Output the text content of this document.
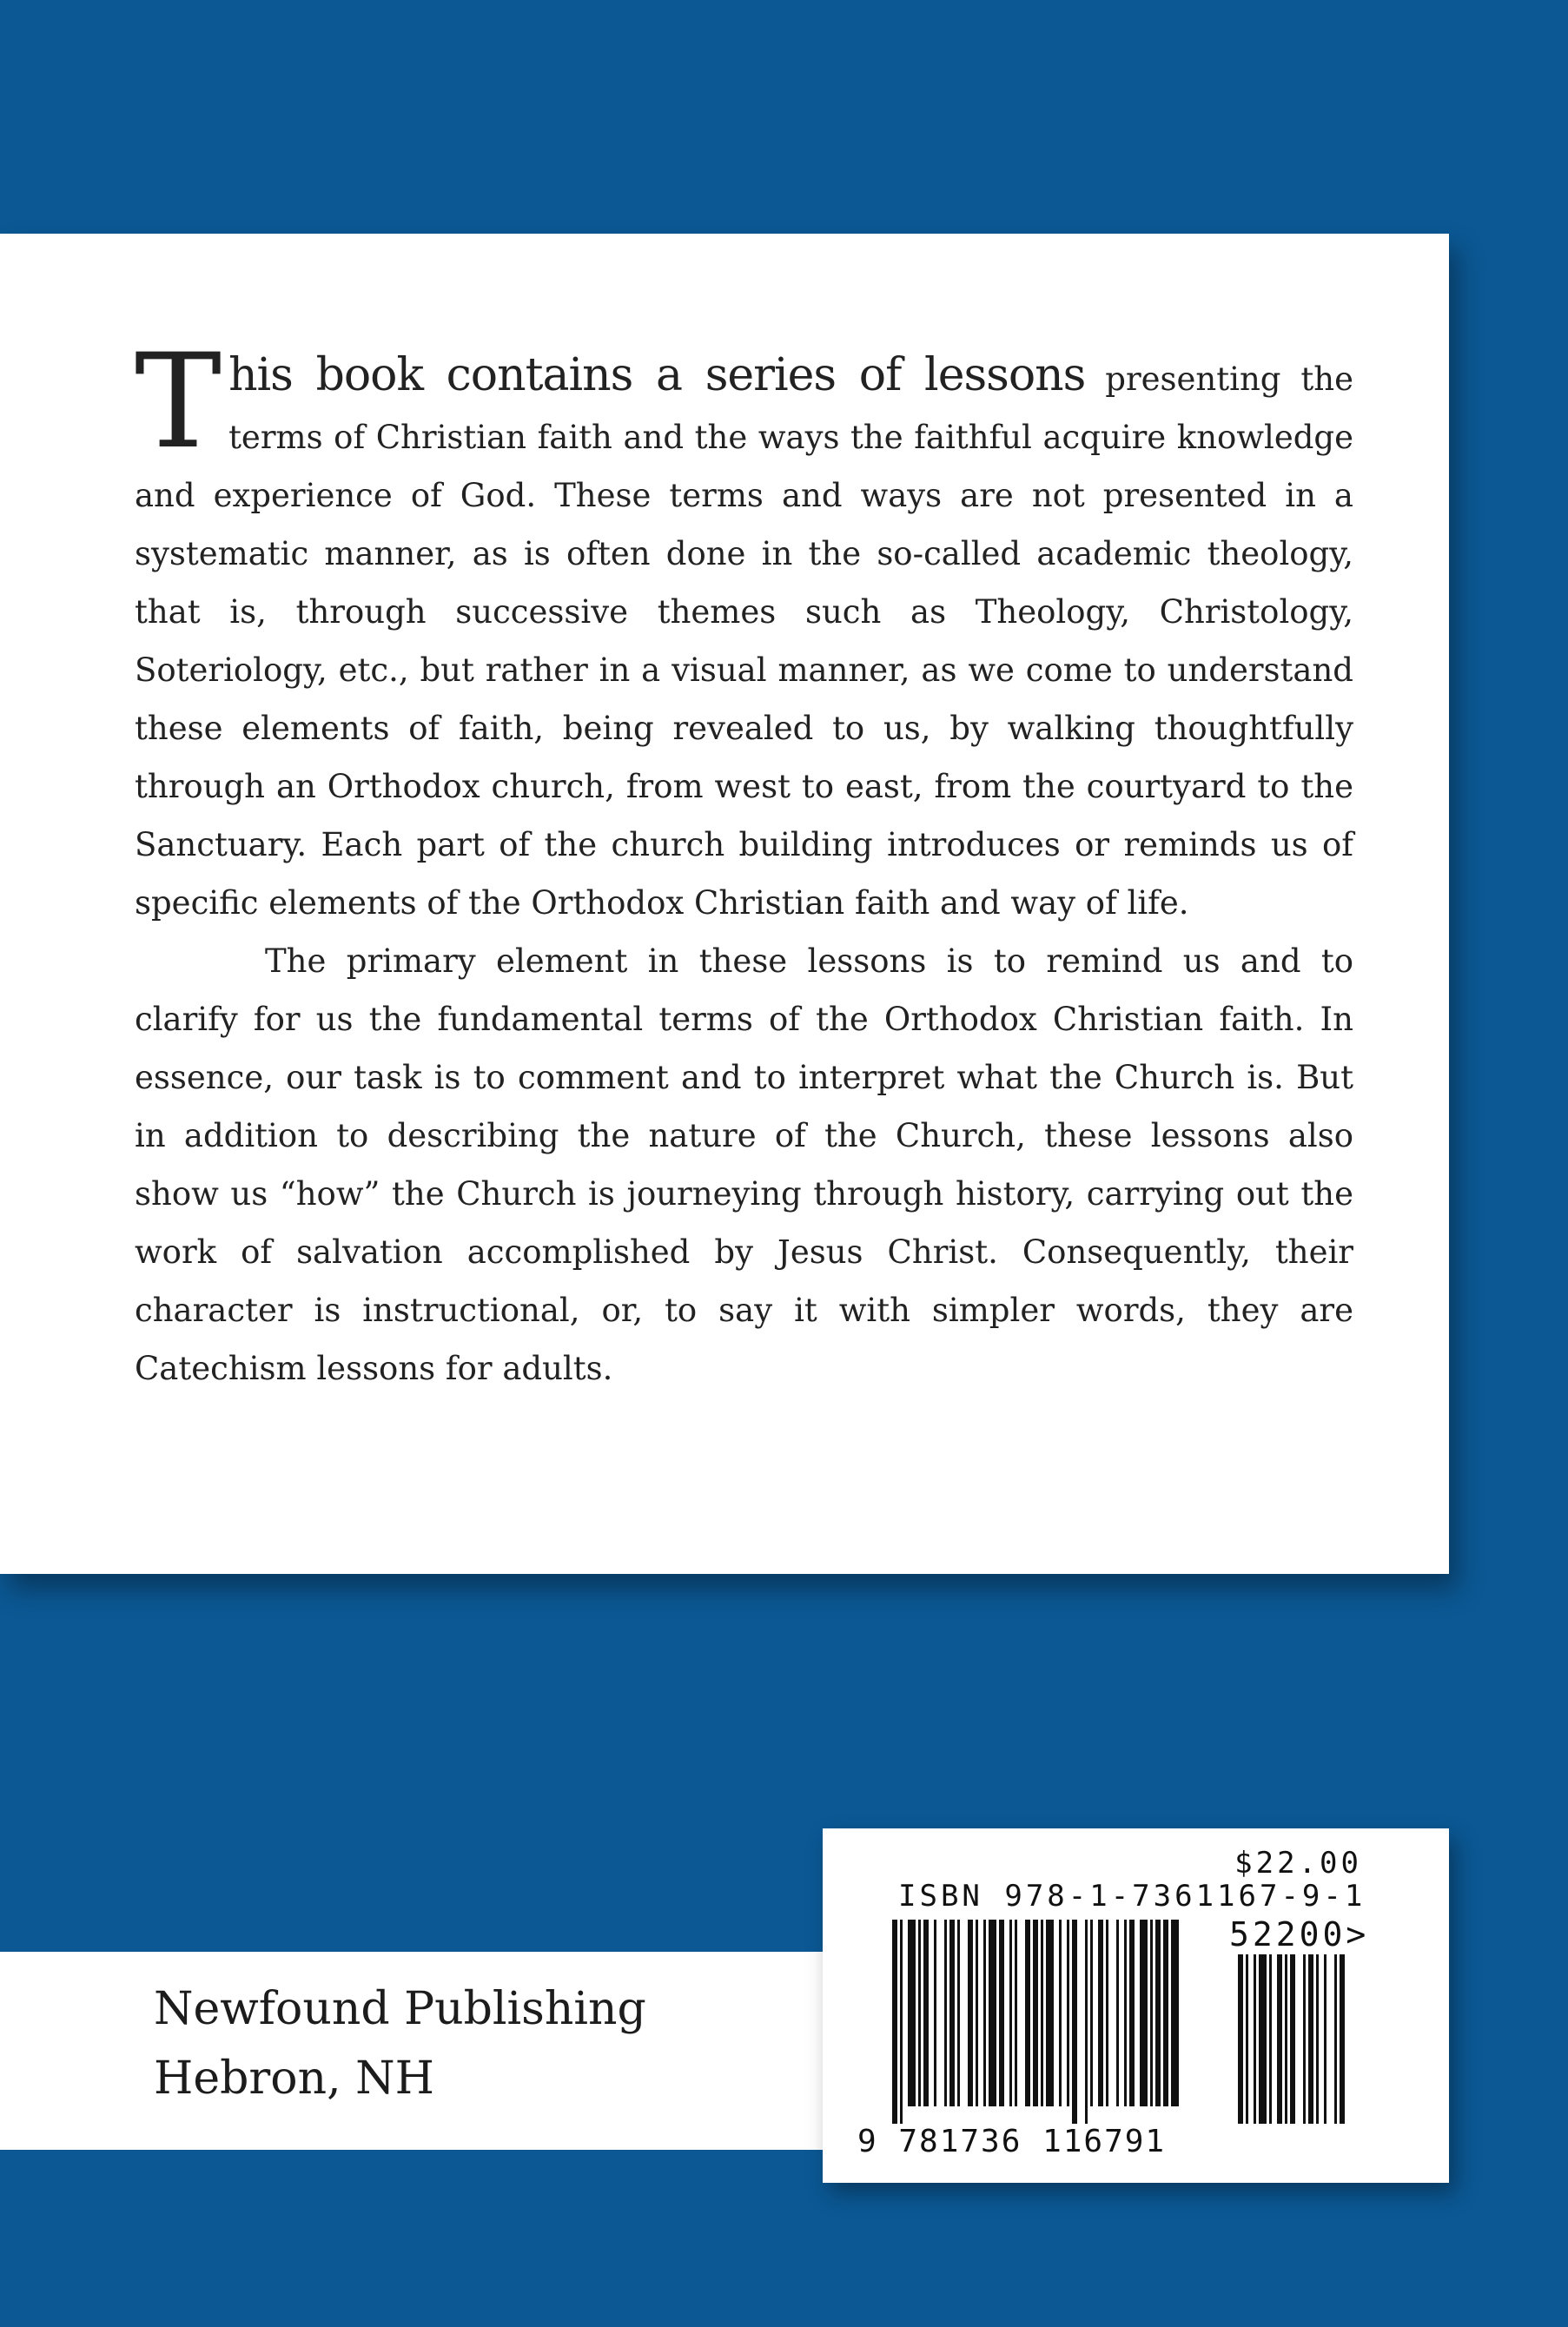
This book contains a series of lessons presenting the terms of Christian faith and the ways the faithful acquire knowledge and experience of God. These terms and ways are not presented in a systematic manner, as is often done in the so-called academic theology, that is, through successive themes such as Theology, Christology, Soteriology, etc., but rather in a visual manner, as we come to understand these elements of faith, being revealed to us, by walking thoughtfully through an Orthodox church, from west to east, from the courtyard to the Sanctuary. Each part of the church building introduces or reminds us of specific elements of the Orthodox Christian faith and way of life.

The primary element in these lessons is to remind us and to clarify for us the fundamental terms of the Orthodox Christian faith. In essence, our task is to comment and to interpret what the Church is. But in addition to describing the nature of the Church, these lessons also show us “how” the Church is journeying through history, carrying out the work of salvation accomplished by Jesus Christ. Consequently, their character is instructional, or, to say it with simpler words, they are Catechism lessons for adults.

Newfound Publishing
Hebron, NH
$22.00
ISBN 978-1-7361167-9-1
52200>
9 781736 116791
